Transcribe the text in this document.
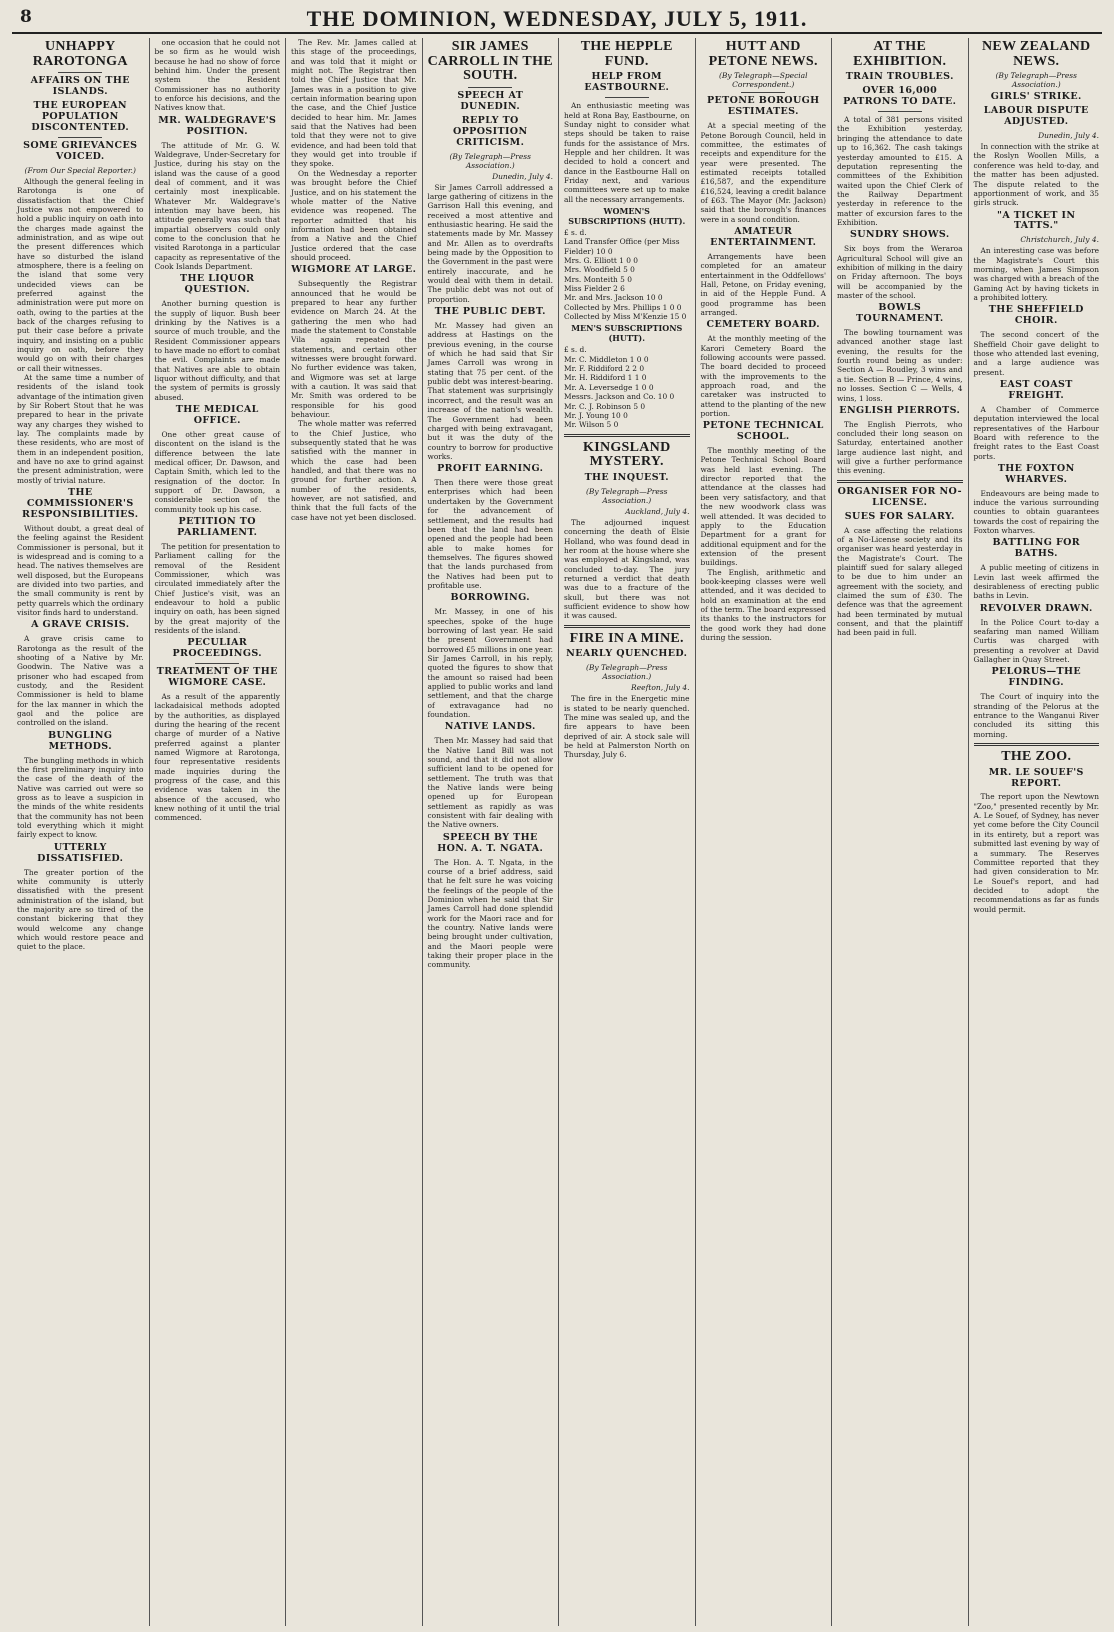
8	THE DOMINION, WEDNESDAY, JULY 5, 1911.
UNHAPPY RAROTONGA
AFFAIRS ON THE ISLANDS.
THE EUROPEAN POPULATION DISCONTENTED.
SOME GRIEVANCES VOICED.
(From Our Special Reporter.)

Although the general feeling in Rarotonga is one of dissatisfaction that the Chief Justice was not empowered to hold a public inquiry on oath into the charges made against the administration, and as wipe out the present differences which have so disturbed the island atmosphere, there is a feeling on the island that some very undecided views can be preferred against the administration were put more on oath, owing to the parties at the back of the charges refusing to put their case before a private inquiry, and insisting on a public inquiry on oath, before they would go on with their charges or call their witnesses.

At the same time a number of residents of the island took advantage of the intimation given by Sir Robert Stout that he was prepared to hear in the private way any charges they wished to lay. The complaints made by these residents, who are most of them in an independent position, and have no axe to grind against the present administration, were mostly of trivial nature.

THE COMMISSIONER'S RESPONSIBILITIES.

Without doubt, a great deal of the feeling against the Resident Commissioner is personal, but it is widespread and is coming to a head. The natives themselves are well disposed, but the Europeans are divided into two parties, and the small community is rent by petty quarrels which the ordinary visitor finds hard to understand.

A GRAVE CRISIS.

A grave crisis came to Rarotonga as the result of the shooting of a Native by Mr. Goodwin. The Native was a prisoner who had escaped from custody, and the Resident Commissioner is held to blame for the lax manner in which the gaol and the police are controlled on the island.

BUNGLING METHODS.

The bungling methods in which the first preliminary inquiry into the case of the death of the Native was carried out were so gross as to leave a suspicion in the minds of the white residents that the community has not been told everything which it might fairly expect to know.

UTTERLY DISSATISFIED.

The greater portion of the white community is utterly dissatisfied with the present administration of the island, but the majority are so tired of the constant bickering that they would welcome any change which would restore peace and quiet to the place.

one occasion that he could not be so firm as he would wish because he had no show of force behind him. Under the present system the Resident Commissioner has no authority to enforce his decisions, and the Natives know that.

MR. WALDEGRAVE'S POSITION.

The attitude of Mr. G. W. Waldegrave, Under-Secretary for Justice, during his stay on the island was the cause of a good deal of comment, and it was certainly most inexplicable. Whatever Mr. Waldegrave's intention may have been, his attitude generally was such that impartial observers could only come to the conclusion that he visited Rarotonga in a particular capacity as representative of the Cook Islands Department.

THE LIQUOR QUESTION.

Another burning question is the supply of liquor. Bush beer drinking by the Natives is a source of much trouble, and the Resident Commissioner appears to have made no effort to combat the evil. Complaints are made that Natives are able to obtain liquor without difficulty, and that the system of permits is grossly abused.

THE MEDICAL OFFICE.

One other great cause of discontent on the island is the difference between the late medical officer, Dr. Dawson, and Captain Smith, which led to the resignation of the doctor. In support of Dr. Dawson, a considerable section of the community took up his case.

PETITION TO PARLIAMENT.

The petition for presentation to Parliament calling for the removal of the Resident Commissioner, which was circulated immediately after the Chief Justice's visit, was an endeavour to hold a public inquiry on oath, has been signed by the great majority of the residents of the island.

PECULIAR PROCEEDINGS.
TREATMENT OF THE WIGMORE CASE.

As a result of the apparently lackadaisical methods adopted by the authorities, as displayed during the hearing of the recent charge of murder of a Native preferred against a planter named Wigmore at Rarotonga, four representative residents made inquiries during the progress of the case, and this evidence was taken in the absence of the accused, who knew nothing of it until the trial commenced.

The Rev. Mr. James called at this stage of the proceedings, and was told that it might or might not. The Registrar then told the Chief Justice that Mr. James was in a position to give certain information bearing upon the case, and the Chief Justice decided to hear him. Mr. James said that the Natives had been told that they were not to give evidence, and had been told that they would get into trouble if they spoke.

On the Wednesday a reporter was brought before the Chief Justice, and on his statement the whole matter of the Native evidence was reopened. The reporter admitted that his information had been obtained from a Native and the Chief Justice ordered that the case should proceed.

WIGMORE AT LARGE.

Subsequently the Registrar announced that he would be prepared to hear any further evidence on March 24. At the gathering the men who had made the statement to Constable Vila again repeated the statements, and certain other witnesses were brought forward. No further evidence was taken, and Wigmore was set at large with a caution. It was said that Mr. Smith was ordered to be responsible for his good behaviour.

The whole matter was referred to the Chief Justice, who subsequently stated that he was satisfied with the manner in which the case had been handled, and that there was no ground for further action. A number of the residents, however, are not satisfied, and think that the full facts of the case have not yet been disclosed.

SIR JAMES CARROLL IN THE SOUTH.
SPEECH AT DUNEDIN.
REPLY TO OPPOSITION CRITICISM.
(By Telegraph—Press Association.)
Dunedin, July 4.

Sir James Carroll addressed a large gathering of citizens in the Garrison Hall this evening, and received a most attentive and enthusiastic hearing. He said the statements made by Mr. Massey and Mr. Allen as to overdrafts being made by the Opposition to the Government in the past were entirely inaccurate, and he would deal with them in detail. The public debt was not out of proportion.

THE PUBLIC DEBT.

Mr. Massey had given an address at Hastings on the previous evening, in the course of which he had said that Sir James Carroll was wrong in stating that 75 per cent. of the public debt was interest-bearing. That statement was surprisingly incorrect, and the result was an increase of the nation's wealth. The Government had been charged with being extravagant, but it was the duty of the country to borrow for productive works.

PROFIT EARNING.

Then there were those great enterprises which had been undertaken by the Government for the advancement of settlement, and the results had been that the land had been opened and the people had been able to make homes for themselves. The figures showed that the lands purchased from the Natives had been put to profitable use.

BORROWING.

Mr. Massey, in one of his speeches, spoke of the huge borrowing of last year. He said the present Government had borrowed £5 millions in one year. Sir James Carroll, in his reply, quoted the figures to show that the amount so raised had been applied to public works and land settlement, and that the charge of extravagance had no foundation.

NATIVE LANDS.

Then Mr. Massey had said that the Native Land Bill was not sound, and that it did not allow sufficient land to be opened for settlement. The truth was that the Native lands were being opened up for European settlement as rapidly as was consistent with fair dealing with the Native owners.

SPEECH BY THE HON. A. T. NGATA.

The Hon. A. T. Ngata, in the course of a brief address, said that he felt sure he was voicing the feelings of the people of the Dominion when he said that Sir James Carroll had done splendid work for the Maori race and for the country. Native lands were being brought under cultivation, and the Maori people were taking their proper place in the community.

THE HEPPLE FUND.
HELP FROM EASTBOURNE.

An enthusiastic meeting was held at Rona Bay, Eastbourne, on Sunday night to consider what steps should be taken to raise funds for the assistance of Mrs. Hepple and her children. It was decided to hold a concert and dance in the Eastbourne Hall on Friday next, and various committees were set up to make all the necessary arrangements.

WOMEN'S SUBSCRIPTIONS (HUTT).

£ s. d.
Land Transfer Office (per Miss Fielder) 10 0
Mrs. G. Elliott 1 0 0
Mrs. Woodfield 5 0
Mrs. Monteith 5 0
Miss Fielder 2 6
Mr. and Mrs. Jackson 10 0
Collected by Mrs. Phillips 1 0 0
Collected by Miss M'Kenzie 15 0

MEN'S SUBSCRIPTIONS (HUTT).

£ s. d.
Mr. C. Middleton 1 0 0
Mr. F. Riddiford 2 2 0
Mr. H. Riddiford 1 1 0
Mr. A. Leversedge 1 0 0
Messrs. Jackson and Co. 10 0
Mr. C. J. Robinson 5 0
Mr. J. Young 10 0
Mr. Wilson 5 0

KINGSLAND MYSTERY.
THE INQUEST.
(By Telegraph—Press Association.)
Auckland, July 4.

The adjourned inquest concerning the death of Elsie Holland, who was found dead in her room at the house where she was employed at Kingsland, was concluded to-day. The jury returned a verdict that death was due to a fracture of the skull, but there was not sufficient evidence to show how it was caused.

FIRE IN A MINE.
NEARLY QUENCHED.
(By Telegraph—Press Association.)
Reefton, July 4.

The fire in the Energetic mine is stated to be nearly quenched. The mine was sealed up, and the fire appears to have been deprived of air. A stock sale will be held at Palmerston North on Thursday, July 6.

HUTT AND PETONE NEWS.
(By Telegraph—Special Correspondent.)
PETONE BOROUGH ESTIMATES.

At a special meeting of the Petone Borough Council, held in committee, the estimates of receipts and expenditure for the year were presented. The estimated receipts totalled £16,587, and the expenditure £16,524, leaving a credit balance of £63. The Mayor (Mr. Jackson) said that the borough's finances were in a sound condition.

AMATEUR ENTERTAINMENT.

Arrangements have been completed for an amateur entertainment in the Oddfellows' Hall, Petone, on Friday evening, in aid of the Hepple Fund. A good programme has been arranged.

CEMETERY BOARD.

At the monthly meeting of the Karori Cemetery Board the following accounts were passed. The board decided to proceed with the improvements to the approach road, and the caretaker was instructed to attend to the planting of the new portion.

PETONE TECHNICAL SCHOOL.

The monthly meeting of the Petone Technical School Board was held last evening. The director reported that the attendance at the classes had been very satisfactory, and that the new woodwork class was well attended. It was decided to apply to the Education Department for a grant for additional equipment and for the extension of the present buildings.

The English, arithmetic and book-keeping classes were well attended, and it was decided to hold an examination at the end of the term. The board expressed its thanks to the instructors for the good work they had done during the session.

AT THE EXHIBITION.
TRAIN TROUBLES.
OVER 16,000 PATRONS TO DATE.

A total of 381 persons visited the Exhibition yesterday, bringing the attendance to date up to 16,362. The cash takings yesterday amounted to £15. A deputation representing the committees of the Exhibition waited upon the Chief Clerk of the Railway Department yesterday in reference to the matter of excursion fares to the Exhibition.

SUNDRY SHOWS.

Six boys from the Weraroa Agricultural School will give an exhibition of milking in the dairy on Friday afternoon. The boys will be accompanied by the master of the school.

BOWLS TOURNAMENT.

The bowling tournament was advanced another stage last evening, the results for the fourth round being as under: Section A — Roudley, 3 wins and a tie. Section B — Prince, 4 wins, no losses. Section C — Wells, 4 wins, 1 loss.

ENGLISH PIERROTS.

The English Pierrots, who concluded their long season on Saturday, entertained another large audience last night, and will give a further performance this evening.

ORGANISER FOR NO-LICENSE.
SUES FOR SALARY.

A case affecting the relations of a No-License society and its organiser was heard yesterday in the Magistrate's Court. The plaintiff sued for salary alleged to be due to him under an agreement with the society, and claimed the sum of £30. The defence was that the agreement had been terminated by mutual consent, and that the plaintiff had been paid in full.

NEW ZEALAND NEWS.
(By Telegraph—Press Association.)
GIRLS' STRIKE.
LABOUR DISPUTE ADJUSTED.
Dunedin, July 4.

In connection with the strike at the Roslyn Woollen Mills, a conference was held to-day, and the matter has been adjusted. The dispute related to the apportionment of work, and 35 girls struck.

"A TICKET IN TATTS."
Christchurch, July 4.

An interesting case was before the Magistrate's Court this morning, when James Simpson was charged with a breach of the Gaming Act by having tickets in a prohibited lottery.

THE SHEFFIELD CHOIR.

The second concert of the Sheffield Choir gave delight to those who attended last evening, and a large audience was present.

EAST COAST FREIGHT.

A Chamber of Commerce deputation interviewed the local representatives of the Harbour Board with reference to the freight rates to the East Coast ports.

THE FOXTON WHARVES.

Endeavours are being made to induce the various surrounding counties to obtain guarantees towards the cost of repairing the Foxton wharves.

BATTLING FOR BATHS.

A public meeting of citizens in Levin last week affirmed the desirableness of erecting public baths in Levin.

REVOLVER DRAWN.

In the Police Court to-day a seafaring man named William Curtis was charged with presenting a revolver at David Gallagher in Quay Street.

PELORUS—THE FINDING.

The Court of inquiry into the stranding of the Pelorus at the entrance to the Wanganui River concluded its sitting this morning.

THE ZOO.
MR. LE SOUEF'S REPORT.

The report upon the Newtown "Zoo," presented recently by Mr. A. Le Souef, of Sydney, has never yet come before the City Council in its entirety, but a report was submitted last evening by way of a summary. The Reserves Committee reported that they had given consideration to Mr. Le Souef's report, and had decided to adopt the recommendations as far as funds would permit.
